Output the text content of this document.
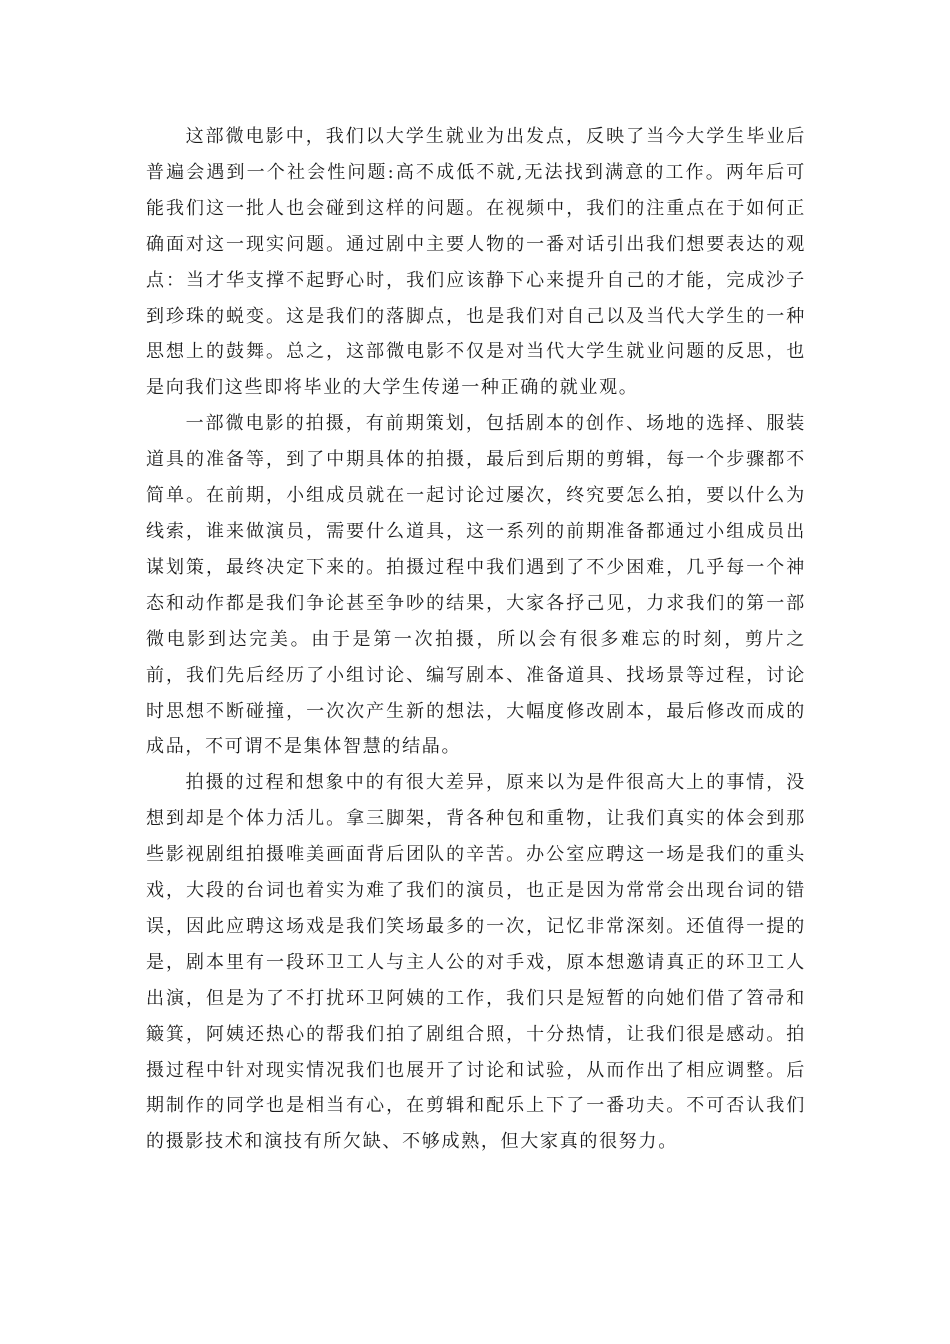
这部微电影中，我们以大学生就业为出发点，反映了当今大学生毕业后普遍会遇到一个社会性问题:高不成低不就,无法找到满意的工作。两年后可能我们这一批人也会碰到这样的问题。在视频中，我们的注重点在于如何正确面对这一现实问题。通过剧中主要人物的一番对话引出我们想要表达的观点：当才华支撑不起野心时，我们应该静下心来提升自己的才能，完成沙子到珍珠的蜕变。这是我们的落脚点，也是我们对自己以及当代大学生的一种思想上的鼓舞。总之，这部微电影不仅是对当代大学生就业问题的反思，也是向我们这些即将毕业的大学生传递一种正确的就业观。

一部微电影的拍摄，有前期策划，包括剧本的创作、场地的选择、服装道具的准备等，到了中期具体的拍摄，最后到后期的剪辑，每一个步骤都不简单。在前期，小组成员就在一起讨论过屡次，终究要怎么拍，要以什么为线索，谁来做演员，需要什么道具，这一系列的前期准备都通过小组成员出谋划策，最终决定下来的。拍摄过程中我们遇到了不少困难，几乎每一个神态和动作都是我们争论甚至争吵的结果，大家各抒己见，力求我们的第一部微电影到达完美。由于是第一次拍摄，所以会有很多难忘的时刻，剪片之前，我们先后经历了小组讨论、编写剧本、准备道具、找场景等过程，讨论时思想不断碰撞，一次次产生新的想法，大幅度修改剧本，最后修改而成的成品，不可谓不是集体智慧的结晶。

拍摄的过程和想象中的有很大差异，原来以为是件很高大上的事情，没想到却是个体力活儿。拿三脚架，背各种包和重物，让我们真实的体会到那些影视剧组拍摄唯美画面背后团队的辛苦。办公室应聘这一场是我们的重头戏，大段的台词也着实为难了我们的演员，也正是因为常常会出现台词的错误，因此应聘这场戏是我们笑场最多的一次，记忆非常深刻。还值得一提的是，剧本里有一段环卫工人与主人公的对手戏，原本想邀请真正的环卫工人出演，但是为了不打扰环卫阿姨的工作，我们只是短暂的向她们借了笤帚和簸箕，阿姨还热心的帮我们拍了剧组合照，十分热情，让我们很是感动。拍摄过程中针对现实情况我们也展开了讨论和试验，从而作出了相应调整。后期制作的同学也是相当有心，在剪辑和配乐上下了一番功夫。不可否认我们的摄影技术和演技有所欠缺、不够成熟，但大家真的很努力。
